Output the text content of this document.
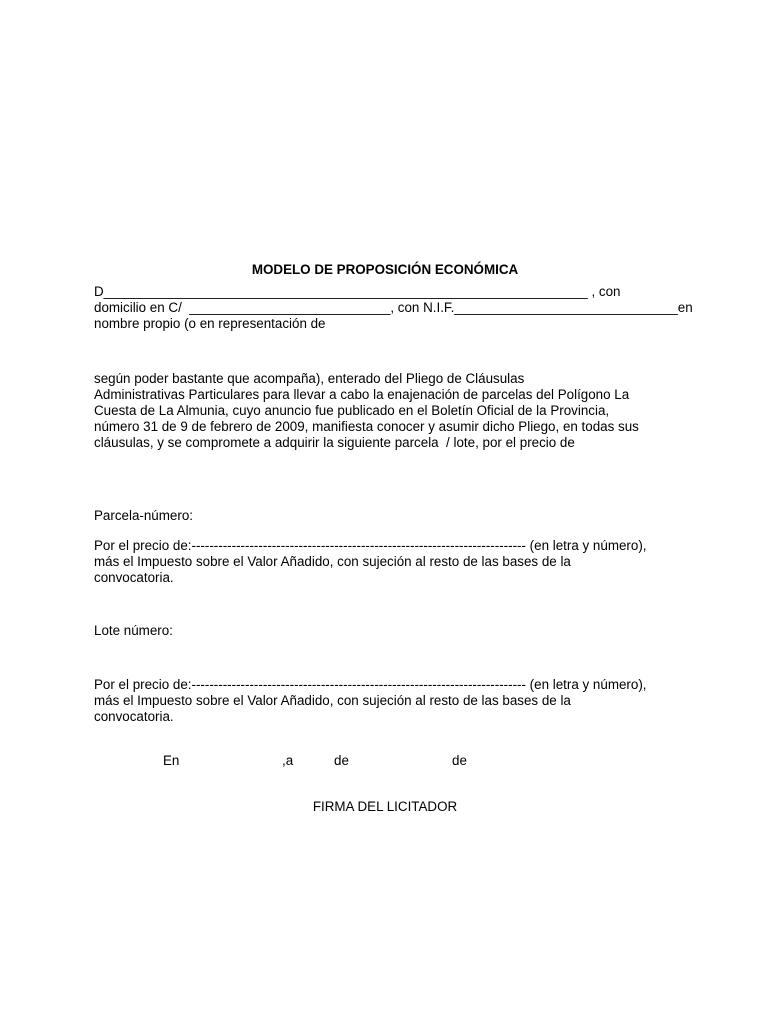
MODELO DE PROPOSICIÓN ECONÓMICA
D_________________________________________________________________ , con
domicilio en C/  ___________________________, con N.I.F.______________________________en
nombre propio (o en representación de
según poder bastante que acompaña), enterado del Pliego de Cláusulas
Administrativas Particulares para llevar a cabo la enajenación de parcelas del Polígono La
Cuesta de La Almunia, cuyo anuncio fue publicado en el Boletín Oficial de la Provincia,
número 31 de 9 de febrero de 2009, manifiesta conocer y asumir dicho Pliego, en todas sus
cláusulas, y se compromete a adquirir la siguiente parcela  / lote, por el precio de
Parcela-número:
Por el precio de:--------------------------------------------------------------------------- (en letra y número),
más el Impuesto sobre el Valor Añadido, con sujeción al resto de las bases de la
convocatoria.
Lote número:
Por el precio de:--------------------------------------------------------------------------- (en letra y número),
más el Impuesto sobre el Valor Añadido, con sujeción al resto de las bases de la
convocatoria.
En	,a	de	de
FIRMA DEL LICITADOR
